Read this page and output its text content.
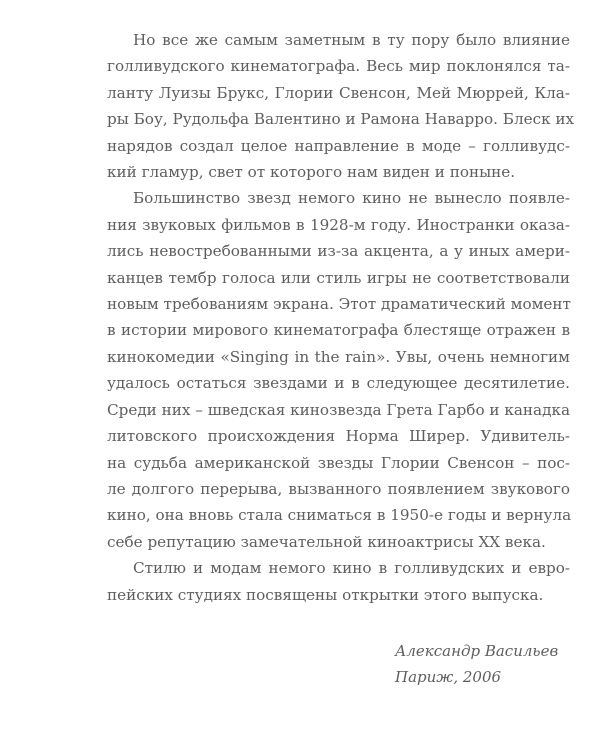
Но все же самым заметным в ту пору было влияние
голливудского кинематографа. Весь мир поклонялся та-
ланту Луизы Брукс, Глории Свенсон, Мей Мюррей, Кла-
ры Боу, Рудольфа Валентино и Рамона Наварро. Блеск их
нарядов создал целое направление в моде – голливудс-
кий гламур, свет от которого нам виден и поныне.
Большинство звезд немого кино не вынесло появле-
ния звуковых фильмов в 1928-м году. Иностранки оказа-
лись невостребованными из-за акцента, а у иных амери-
канцев тембр голоса или стиль игры не соответствовали
новым требованиям экрана. Этот драматический момент
в истории мирового кинематографа блестяще отражен в
кинокомедии «Singing in the rain». Увы, очень немногим
удалось остаться звездами и в следующее десятилетие.
Среди них – шведская кинозвезда Грета Гарбо и канадка
литовского происхождения Норма Ширер. Удивитель-
на судьба американской звезды Глории Свенсон – пос-
ле долгого перерыва, вызванного появлением звукового
кино, она вновь стала сниматься в 1950-е годы и вернула
себе репутацию замечательной киноактрисы XX века.
Стилю и модам немого кино в голливудских и евро-
пейских студиях посвящены открытки этого выпуска.
Александр Васильев
Париж, 2006
